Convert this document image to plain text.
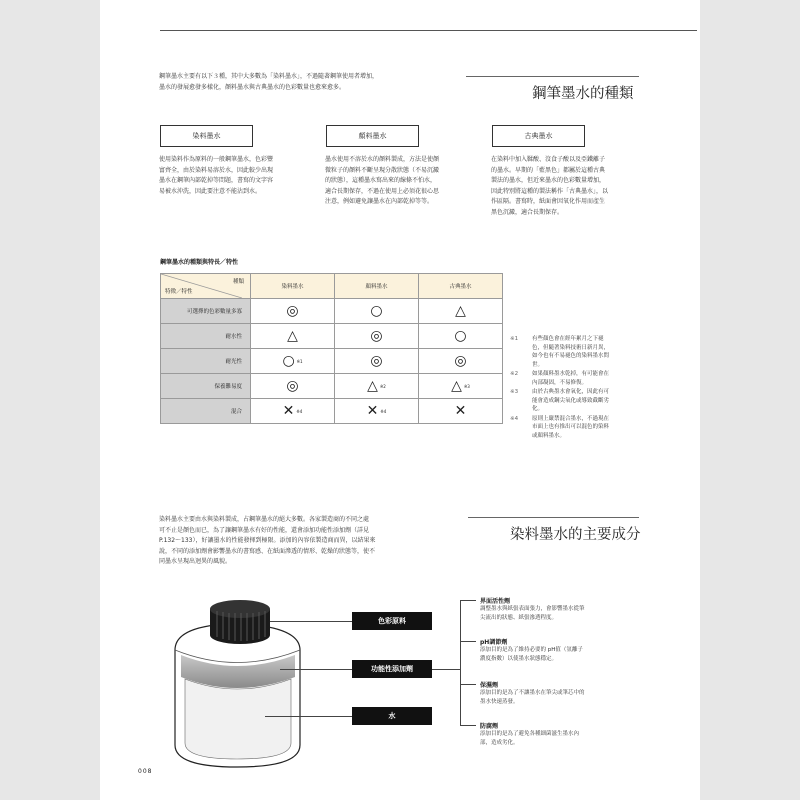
鋼筆墨水主要有以下３種，其中大多數為「染料墨水」，不過隨著鋼筆使用者增加，
墨水的發展愈發多樣化，顏料墨水與古典墨水的色彩數量也愈來愈多。	鋼筆墨水的種類
染料墨水	顏料墨水	古典墨水
使用染料作為原料的一般鋼筆墨水，色彩豐
富齊全，由於染料易溶於水，因此較少出現
墨水在鋼筆內部乾掉等問題，書寫的文字容
易被水沖洗，因此要注意不能沾到水。
墨水使用不溶於水的顏料製成，方法是使顏
微粒子的顏料不斷呈現分散狀態（不易沉澱
的狀態），這種墨水寫出來的線條不怕水，
適合長期保存，不過在使用上必須花很心思
注意，例如避免讓墨水在內部乾掉等等。
在染料中加入鞣酸、沒食子酸以及亞鐵離子
的墨水。早期的「藍黑色」都屬於這種古典
製法的墨水，但近來墨水的色彩數量增加，
因此特別將這種的製法稱作「古典墨水」，以
作區隔。書寫時，紙面會因氧化作用而產生
黑色沉澱，適合長期保存。
鋼筆墨水的種類與特長／特性
種類
特徵／特性	染料墨水	顏料墨水	古典墨水
可選擇的色彩數量多寡	◎	○	△
耐水性	△	◎	○
耐光性	○ ※1	◎	◎
保養難易度	◎	△ ※2	△ ※3
混合	✕ ※4	✕ ※4	✕
※1	有些顏色會在經年累月之下褪
色，但隨著染料技術日新月異，
如今也有不易褪色的染料墨水問
世。
※2	如果顏料墨水乾掉，有可能會在
內部凝固，不易修復。
※3	由於古典墨水會氧化，因此有可
能會造成鋼尖氧化或導致截斷劣
化。
※4	原則上嚴禁混合墨水，不過現在
市面上也有推出可以混色的染料
或顏料墨水。
染料墨水主要由水與染料製成，占鋼筆墨水的絕大多數。各家製造商的不同之處
可不止是顏色而已，為了讓鋼筆墨水有好的性能，還會添加功能性添加劑（詳見
P.132～133），好讓墨水的性能發揮到極限。添加的內容依製造商而異，以結果來
說，不同的添加劑會影響墨水的書寫感、在紙面滲透的情形、乾燥的狀態等，使不
同墨水呈現出迥異的風貌。
染料墨水的主要成分
色彩原料
功能性添加劑
水
界面活性劑
調整墨水與紙張表面張力，會影響墨水從筆
尖流出的狀態、紙張滲透程度。
pH調節劑
添加目的是為了維持必要的 pH值（氫離子
濃度指數）以使墨水狀態穩定。
保濕劑
添加目的是為了不讓墨水在筆尖或筆芯中的
墨水快速蒸發。
防腐劑
添加目的是為了避免各種細菌滋生墨水內
部，造成劣化。
008
